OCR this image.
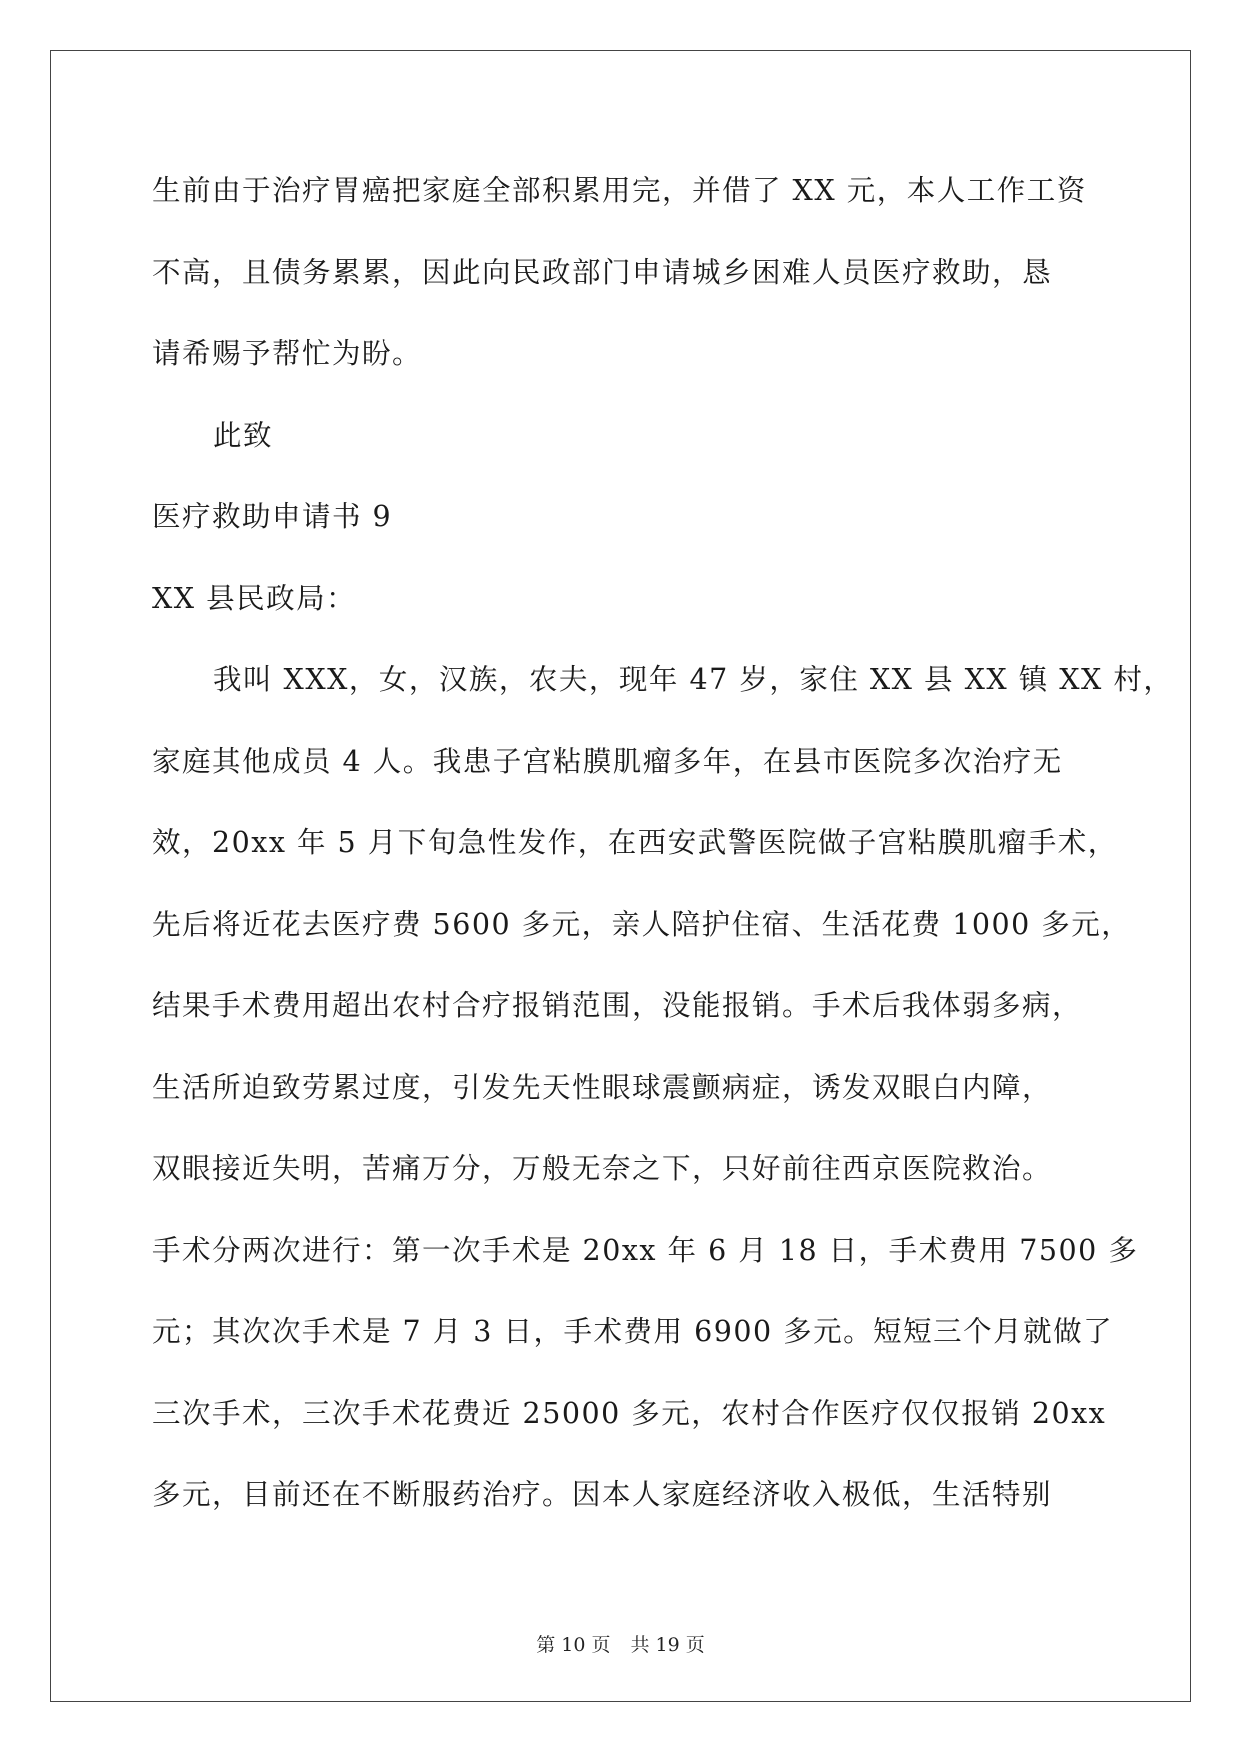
生前由于治疗胃癌把家庭全部积累用完，并借了 XX 元，本人工作工资
不高，且债务累累，因此向民政部门申请城乡困难人员医疗救助，恳
请希赐予帮忙为盼。
此致
医疗救助申请书 9
XX 县民政局：
我叫 XXX，女，汉族，农夫，现年 47 岁，家住 XX 县 XX 镇 XX 村，
家庭其他成员 4 人。我患子宫粘膜肌瘤多年，在县市医院多次治疗无
效，20xx 年 5 月下旬急性发作，在西安武警医院做子宫粘膜肌瘤手术，
先后将近花去医疗费 5600 多元，亲人陪护住宿、生活花费 1000 多元，
结果手术费用超出农村合疗报销范围，没能报销。手术后我体弱多病，
生活所迫致劳累过度，引发先天性眼球震颤病症，诱发双眼白内障，
双眼接近失明，苦痛万分，万般无奈之下，只好前往西京医院救治。
手术分两次进行：第一次手术是 20xx 年 6 月 18 日，手术费用 7500 多
元；其次次手术是 7 月 3 日，手术费用 6900 多元。短短三个月就做了
三次手术，三次手术花费近 25000 多元，农村合作医疗仅仅报销 20xx
多元，目前还在不断服药治疗。因本人家庭经济收入极低，生活特别
第 10 页 共 19 页
